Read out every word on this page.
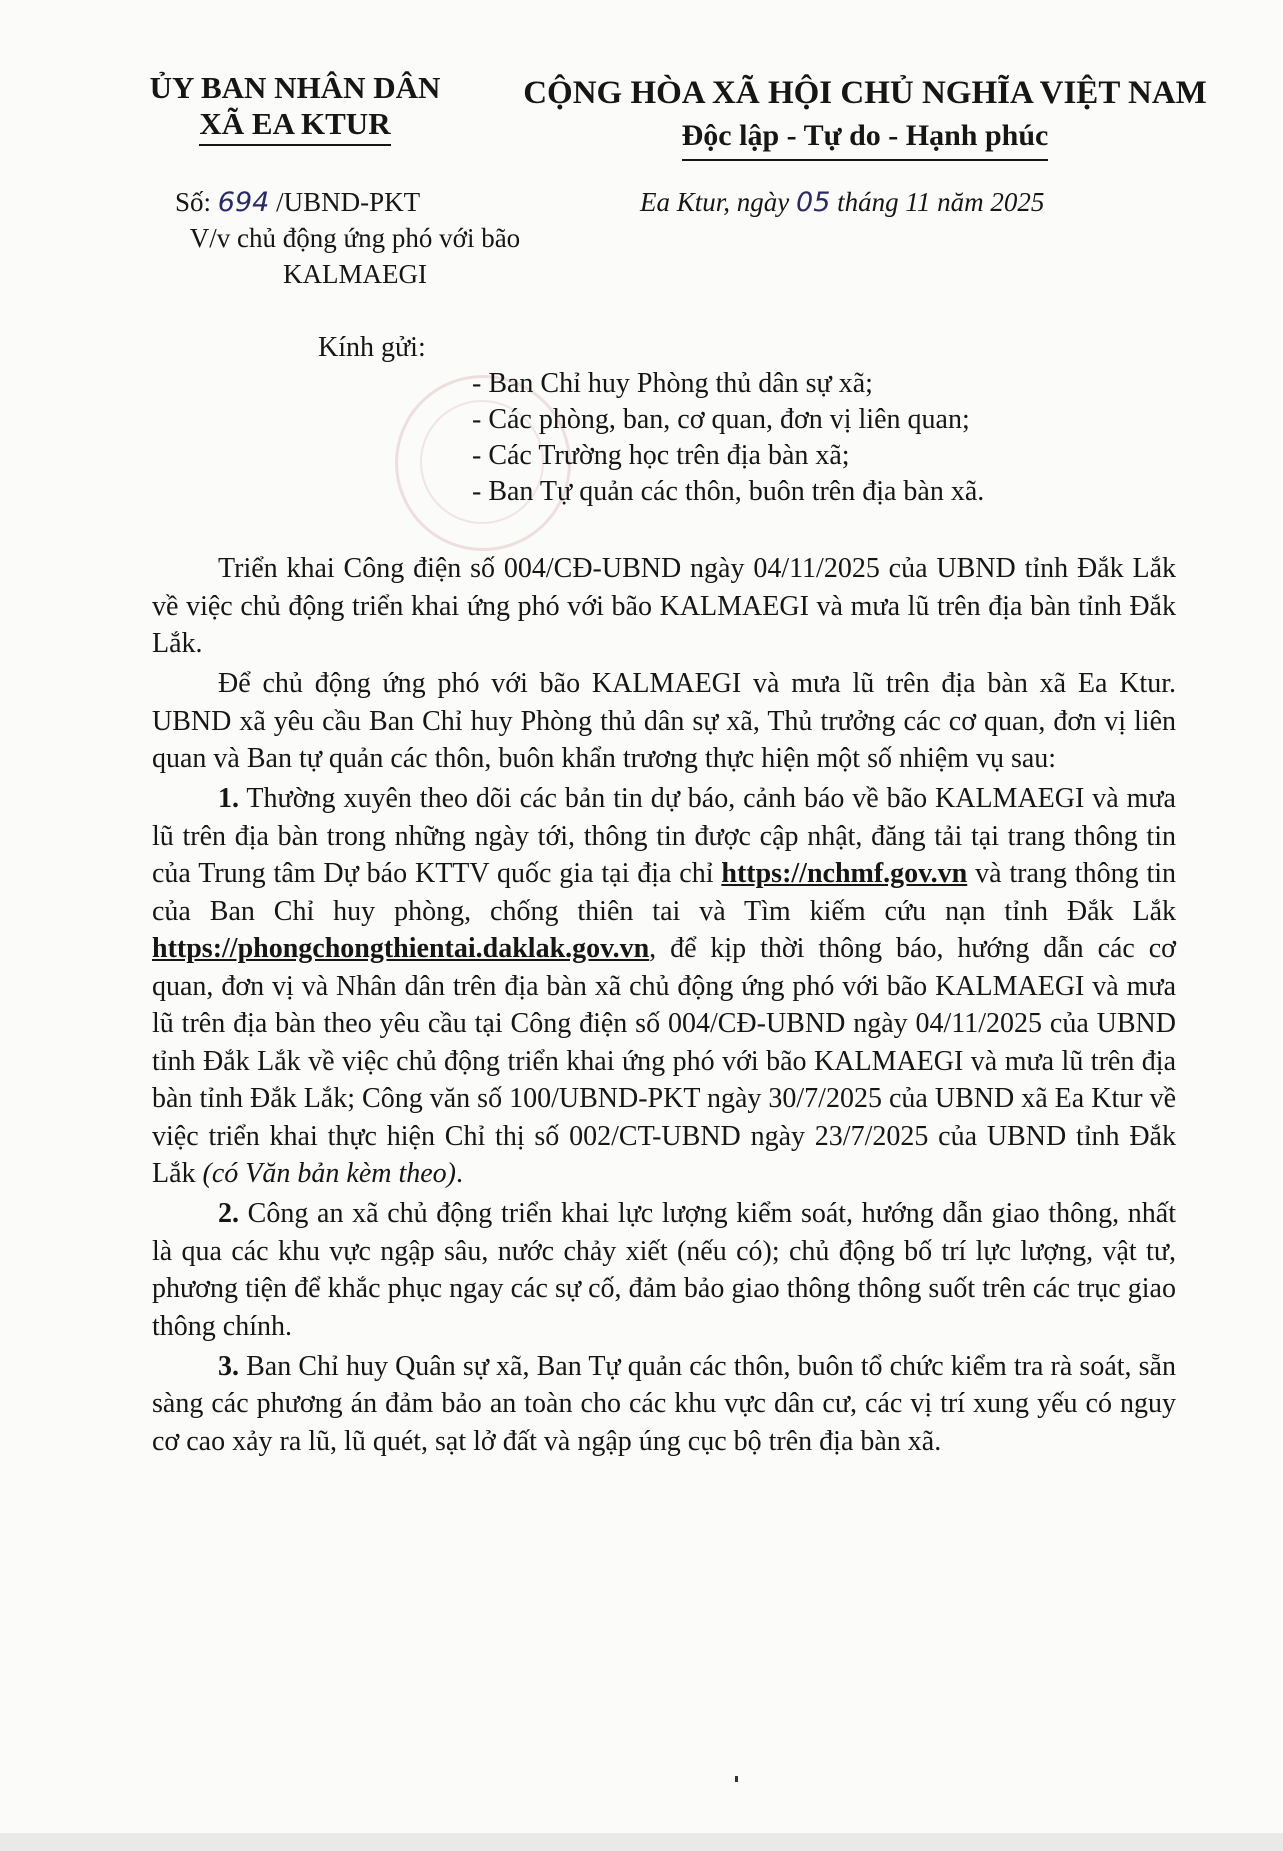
ỦY BAN NHÂN DÂN
XÃ EA KTUR
CỘNG HÒA XÃ HỘI CHỦ NGHĨA VIỆT NAM
Độc lập - Tự do - Hạnh phúc
Số: 694 /UBND-PKT
V/v chủ động ứng phó với bão KALMAEGI
Ea Ktur, ngày 05 tháng 11 năm 2025
Kính gửi:
- Ban Chỉ huy Phòng thủ dân sự xã;
- Các phòng, ban, cơ quan, đơn vị liên quan;
- Các Trường học trên địa bàn xã;
- Ban Tự quản các thôn, buôn trên địa bàn xã.

Triển khai Công điện số 004/CĐ-UBND ngày 04/11/2025 của UBND tỉnh Đắk Lắk về việc chủ động triển khai ứng phó với bão KALMAEGI và mưa lũ trên địa bàn tỉnh Đắk Lắk.

Để chủ động ứng phó với bão KALMAEGI và mưa lũ trên địa bàn xã Ea Ktur. UBND xã yêu cầu Ban Chỉ huy Phòng thủ dân sự xã, Thủ trưởng các cơ quan, đơn vị liên quan và Ban tự quản các thôn, buôn khẩn trương thực hiện một số nhiệm vụ sau:

1. Thường xuyên theo dõi các bản tin dự báo, cảnh báo về bão KALMAEGI và mưa lũ trên địa bàn trong những ngày tới, thông tin được cập nhật, đăng tải tại trang thông tin của Trung tâm Dự báo KTTV quốc gia tại địa chỉ https://nchmf.gov.vn và trang thông tin của Ban Chỉ huy phòng, chống thiên tai và Tìm kiếm cứu nạn tỉnh Đắk Lắk https://phongchongthientai.daklak.gov.vn, để kịp thời thông báo, hướng dẫn các cơ quan, đơn vị và Nhân dân trên địa bàn xã chủ động ứng phó với bão KALMAEGI và mưa lũ trên địa bàn theo yêu cầu tại Công điện số 004/CĐ-UBND ngày 04/11/2025 của UBND tỉnh Đắk Lắk về việc chủ động triển khai ứng phó với bão KALMAEGI và mưa lũ trên địa bàn tỉnh Đắk Lắk; Công văn số 100/UBND-PKT ngày 30/7/2025 của UBND xã Ea Ktur về việc triển khai thực hiện Chỉ thị số 002/CT-UBND ngày 23/7/2025 của UBND tỉnh Đắk Lắk (có Văn bản kèm theo).

2. Công an xã chủ động triển khai lực lượng kiểm soát, hướng dẫn giao thông, nhất là qua các khu vực ngập sâu, nước chảy xiết (nếu có); chủ động bố trí lực lượng, vật tư, phương tiện để khắc phục ngay các sự cố, đảm bảo giao thông thông suốt trên các trục giao thông chính.

3. Ban Chỉ huy Quân sự xã, Ban Tự quản các thôn, buôn tổ chức kiểm tra rà soát, sẵn sàng các phương án đảm bảo an toàn cho các khu vực dân cư, các vị trí xung yếu có nguy cơ cao xảy ra lũ, lũ quét, sạt lở đất và ngập úng cục bộ trên địa bàn xã.
